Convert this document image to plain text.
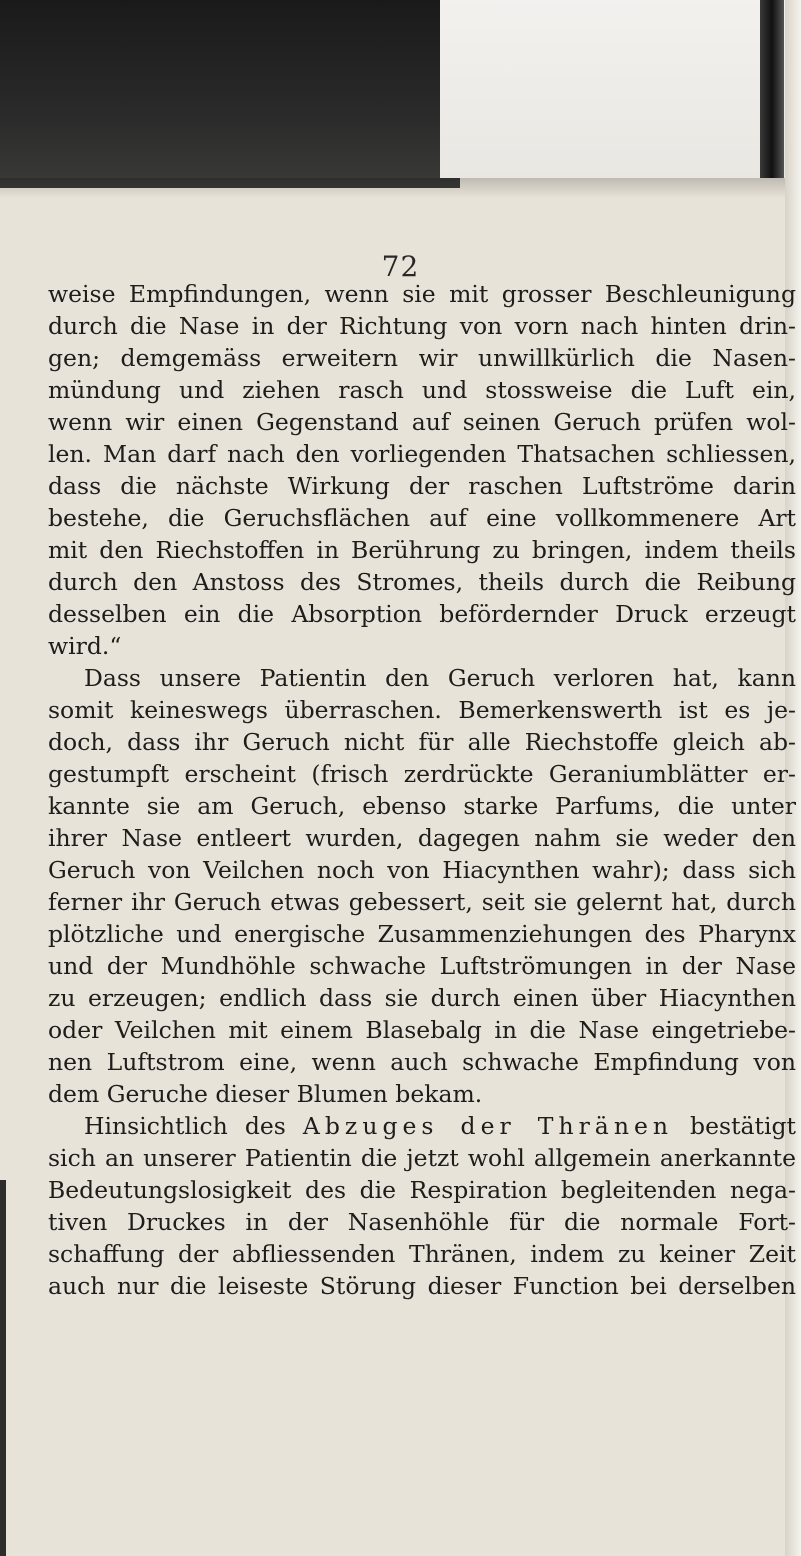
72
weise Empfindungen, wenn sie mit grosser Beschleunigung
durch die Nase in der Richtung von vorn nach hinten drin-
gen; demgemäss erweitern wir unwillkürlich die Nasen-
mündung und ziehen rasch und stossweise die Luft ein,
wenn wir einen Gegenstand auf seinen Geruch prüfen wol-
len. Man darf nach den vorliegenden Thatsachen schliessen,
dass die nächste Wirkung der raschen Luftströme darin
bestehe, die Geruchsflächen auf eine vollkommenere Art
mit den Riechstoffen in Berührung zu bringen, indem theils
durch den Anstoss des Stromes, theils durch die Reibung
desselben ein die Absorption befördernder Druck erzeugt
wird.“
Dass unsere Patientin den Geruch verloren hat, kann
somit keineswegs überraschen. Bemerkenswerth ist es je-
doch, dass ihr Geruch nicht für alle Riechstoffe gleich ab-
gestumpft erscheint (frisch zerdrückte Geraniumblätter er-
kannte sie am Geruch, ebenso starke Parfums, die unter
ihrer Nase entleert wurden, dagegen nahm sie weder den
Geruch von Veilchen noch von Hiacynthen wahr); dass sich
ferner ihr Geruch etwas gebessert, seit sie gelernt hat, durch
plötzliche und energische Zusammenziehungen des Pharynx
und der Mundhöhle schwache Luftströmungen in der Nase
zu erzeugen; endlich dass sie durch einen über Hiacynthen
oder Veilchen mit einem Blasebalg in die Nase eingetriebe-
nen Luftstrom eine, wenn auch schwache Empfindung von
dem Geruche dieser Blumen bekam.
Hinsichtlich des Abzuges der Thränen bestätigt
sich an unserer Patientin die jetzt wohl allgemein anerkannte
Bedeutungslosigkeit des die Respiration begleitenden nega-
tiven Druckes in der Nasenhöhle für die normale Fort-
schaffung der abfliessenden Thränen, indem zu keiner Zeit
auch nur die leiseste Störung dieser Function bei derselben
